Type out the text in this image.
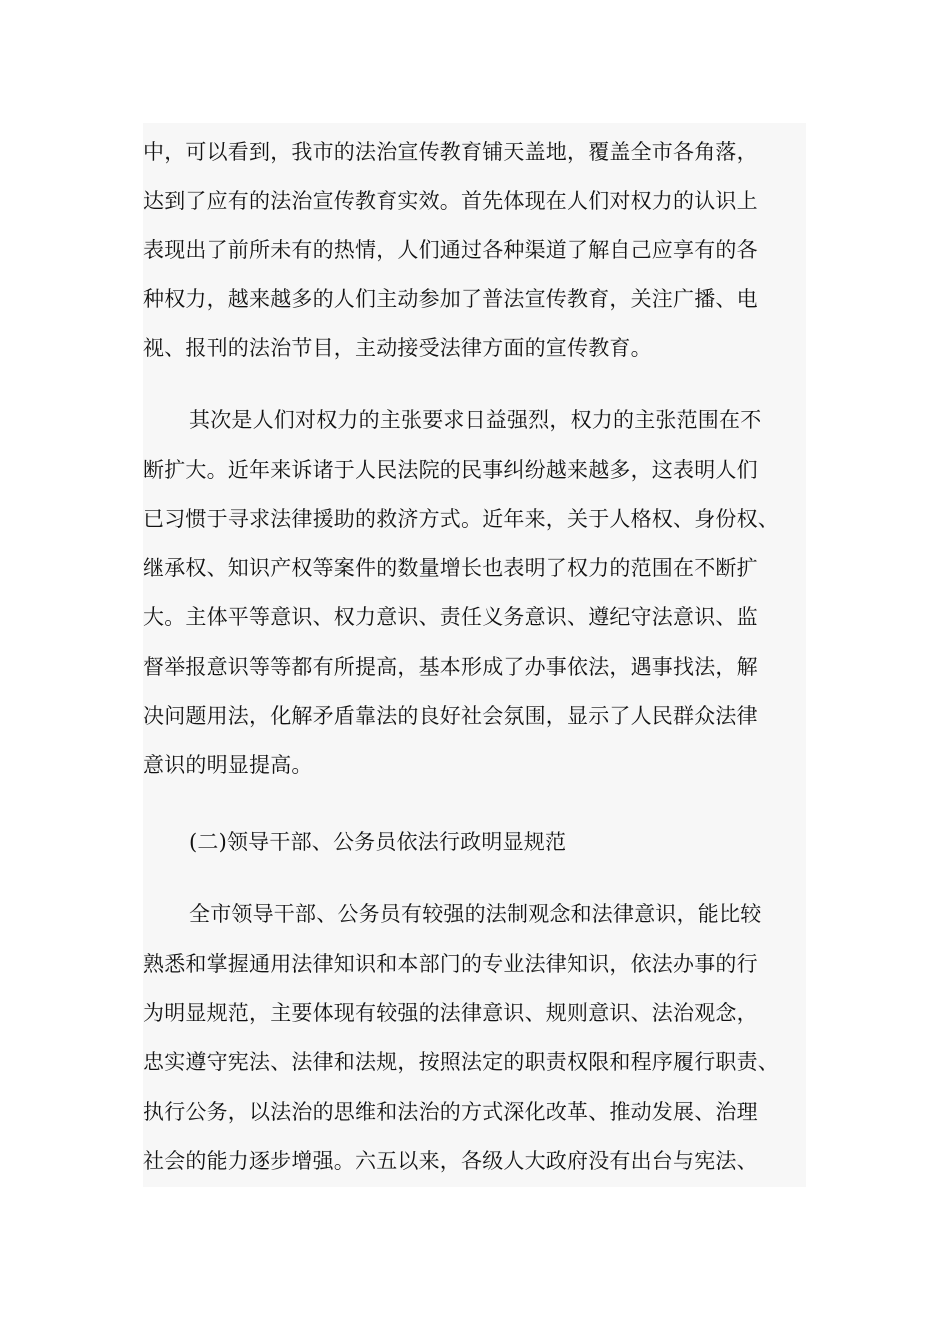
中，可以看到，我市的法治宣传教育铺天盖地，覆盖全市各角落，
达到了应有的法治宣传教育实效。首先体现在人们对权力的认识上
表现出了前所未有的热情，人们通过各种渠道了解自己应享有的各
种权力，越来越多的人们主动参加了普法宣传教育，关注广播、电
视、报刊的法治节目，主动接受法律方面的宣传教育。
其次是人们对权力的主张要求日益强烈，权力的主张范围在不
断扩大。近年来诉诸于人民法院的民事纠纷越来越多，这表明人们
已习惯于寻求法律援助的救济方式。近年来，关于人格权、身份权、
继承权、知识产权等案件的数量增长也表明了权力的范围在不断扩
大。主体平等意识、权力意识、责任义务意识、遵纪守法意识、监
督举报意识等等都有所提高，基本形成了办事依法，遇事找法，解
决问题用法，化解矛盾靠法的良好社会氛围，显示了人民群众法律
意识的明显提高。
(二)领导干部、公务员依法行政明显规范
全市领导干部、公务员有较强的法制观念和法律意识，能比较
熟悉和掌握通用法律知识和本部门的专业法律知识，依法办事的行
为明显规范，主要体现有较强的法律意识、规则意识、法治观念，
忠实遵守宪法、法律和法规，按照法定的职责权限和程序履行职责、
执行公务，以法治的思维和法治的方式深化改革、推动发展、治理
社会的能力逐步增强。六五以来，各级人大政府没有出台与宪法、
